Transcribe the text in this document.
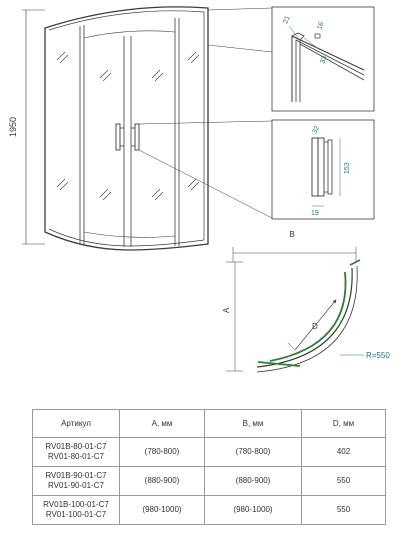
1950
21
16
33
32
153
19
B
A
D
R=550
Артикул	A, мм	B, мм	D, мм

RV01B-80-01-C7
RV01-80-01-C7	(780-800)	(780-800)	402

RV01B-90-01-C7
RV01-90-01-C7	(880-900)	(880-900)	550

RV01B-100-01-C7
RV01-100-01-C7	(980-1000)	(980-1000)	550
